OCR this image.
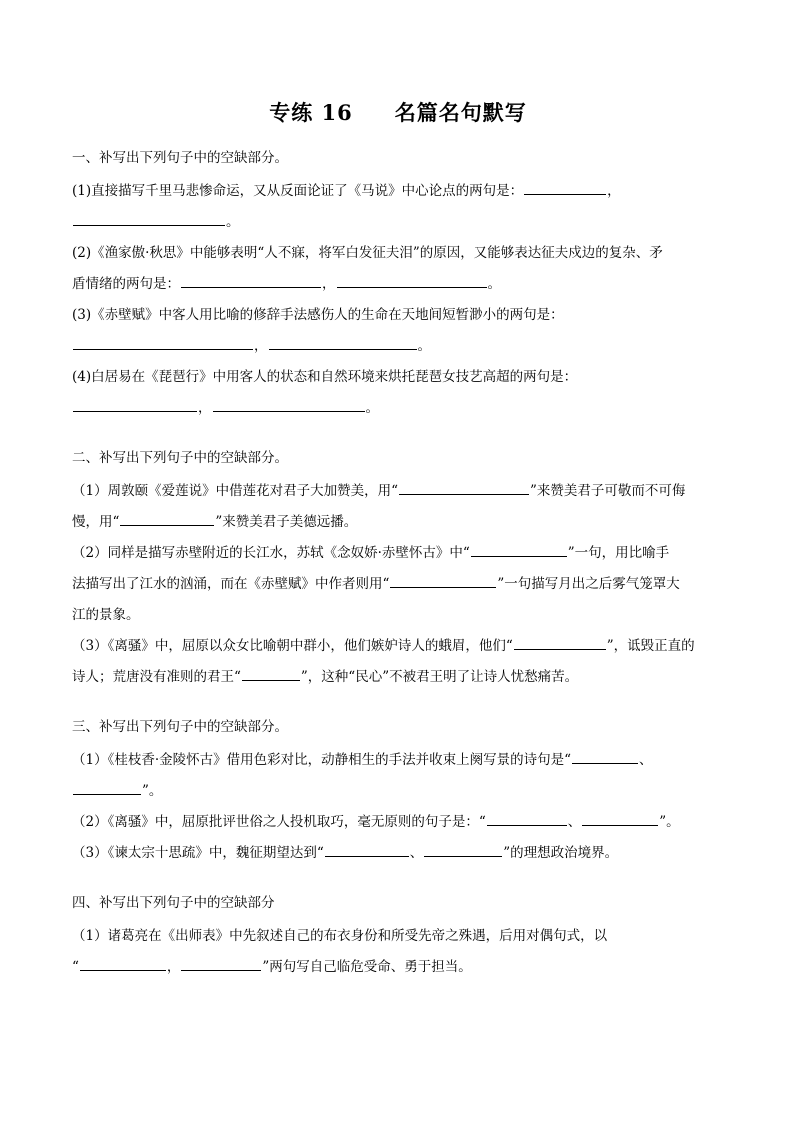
专练 16 名篇名句默写
一、补写出下列句子中的空缺部分。

(1)直接描写千里马悲惨命运，又从反面论证了《马说》中心论点的两句是：	，

。

(2)《渔家傲·秋思》中能够表明“人不寐，将军白发征夫泪”的原因，又能够表达征夫戍边的复杂、矛

盾情绪的两句是：	，	。

(3)《赤壁赋》中客人用比喻的修辞手法感伤人的生命在天地间短暂渺小的两句是：

，	。

(4)白居易在《琵琶行》中用客人的状态和自然环境来烘托琵琶女技艺高超的两句是：

，	。

二、补写出下列句子中的空缺部分。

（1）周敦颐《爱莲说》中借莲花对君子大加赞美，用“	”来赞美君子可敬而不可侮

慢，用“	”来赞美君子美德远播。

（2）同样是描写赤壁附近的长江水，苏轼《念奴娇·赤壁怀古》中“	”一句，用比喻手

法描写出了江水的汹涌，而在《赤壁赋》中作者则用“	”一句描写月出之后雾气笼罩大

江的景象。

（3）《离骚》中，屈原以众女比喻朝中群小，他们嫉妒诗人的蛾眉，他们“	”，诋毁正直的

诗人；荒唐没有准则的君王“	”，这种“民心”不被君王明了让诗人忧愁痛苦。

三、补写出下列句子中的空缺部分。

（1）《桂枝香·金陵怀古》借用色彩对比，动静相生的手法并收束上阕写景的诗句是“	、

”。

（2）《离骚》中，屈原批评世俗之人投机取巧，毫无原则的句子是：“	、	”。

（3）《谏太宗十思疏》中，魏征期望达到“	、	”的理想政治境界。

四、补写出下列句子中的空缺部分

（1）诸葛亮在《出师表》中先叙述自己的布衣身份和所受先帝之殊遇，后用对偶句式，以

“	，	”两句写自己临危受命、勇于担当。
